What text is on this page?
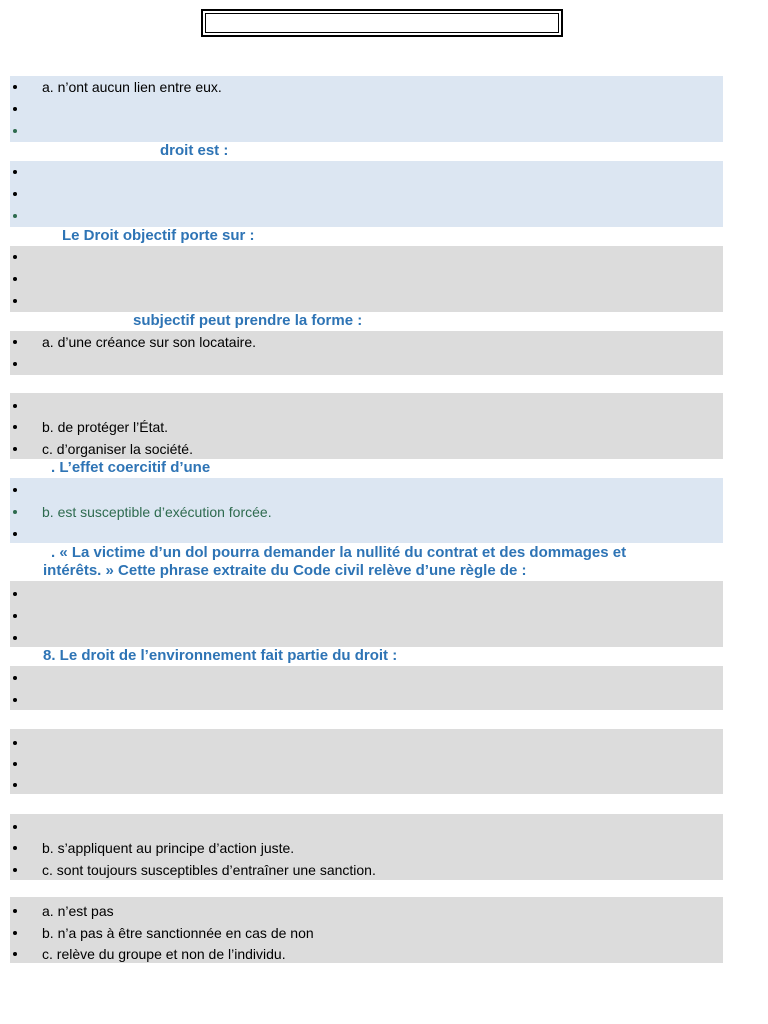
a. n’ont aucun lien entre eux.
droit est :
Le Droit objectif porte sur :
subjectif peut prendre la forme :
a. d’une créance sur son locataire.
b. de protéger l’État.
c. d’organiser la société.
. L’effet coercitif d’une
b. est susceptible d’exécution forcée.
. « La victime d’un dol pourra demander la nullité du contrat et des dommages et
intérêts. » Cette phrase extraite du Code civil relève d’une règle de :
8. Le droit de l’environnement fait partie du droit :
b. s’appliquent au principe d’action juste.
c. sont toujours susceptibles d’entraîner une sanction.
a. n’est pas
b. n’a pas à être sanctionnée en cas de non
c. relève du groupe et non de l’individu.
